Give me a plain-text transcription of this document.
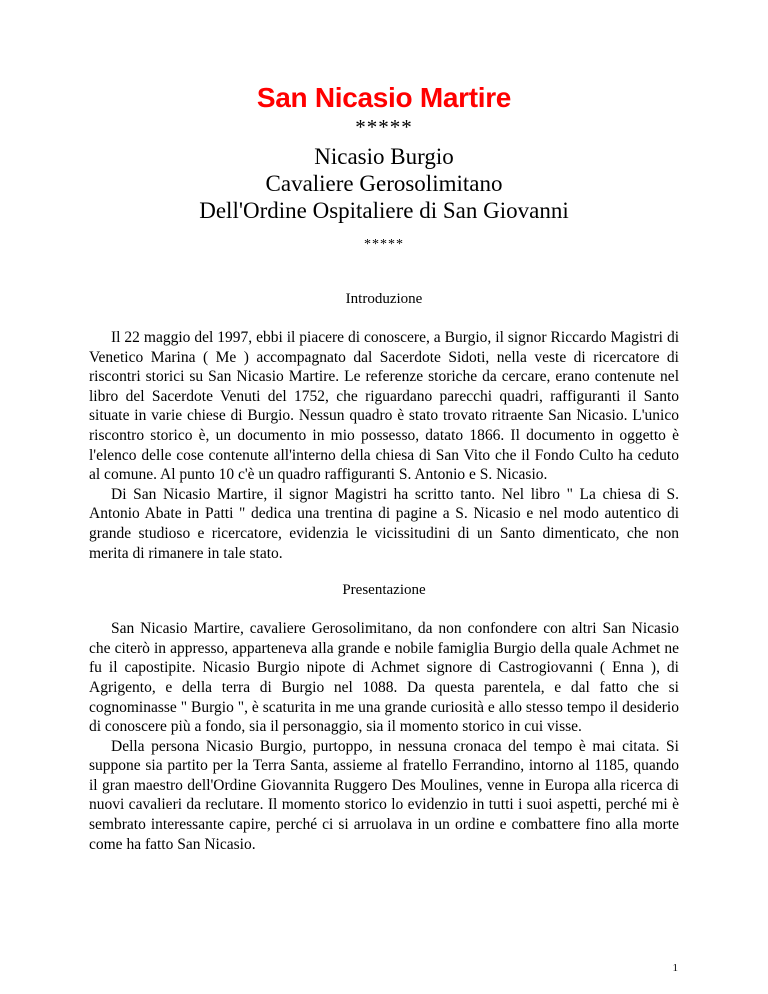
San Nicasio Martire
*****
Nicasio Burgio
Cavaliere Gerosolimitano
Dell'Ordine Ospitaliere di San Giovanni
*****
Introduzione

Il 22 maggio del 1997, ebbi il piacere di conoscere, a Burgio, il signor Riccardo Magistri di Venetico Marina ( Me ) accompagnato dal Sacerdote Sidoti, nella veste di ricercatore di riscontri storici su San Nicasio Martire. Le referenze storiche da cercare, erano contenute nel libro del Sacerdote Venuti del 1752, che riguardano parecchi quadri, raffiguranti il Santo situate in varie chiese di Burgio. Nessun quadro è stato trovato ritraente San Nicasio. L'unico riscontro storico è, un documento in mio possesso, datato 1866. Il documento in oggetto è l'elenco delle cose contenute all'interno della chiesa di San Vito che il Fondo Culto ha ceduto al comune. Al punto 10 c'è un quadro raffiguranti S. Antonio e S. Nicasio.

Di San Nicasio Martire, il signor Magistri ha scritto tanto. Nel libro " La chiesa di S. Antonio Abate in Patti " dedica una trentina di pagine a S. Nicasio e nel modo autentico di grande studioso e ricercatore, evidenzia le vicissitudini di un Santo dimenticato, che non merita di rimanere in tale stato.

Presentazione

San Nicasio Martire, cavaliere Gerosolimitano, da non confondere con altri San Nicasio che citerò in appresso, apparteneva alla grande e nobile famiglia Burgio della quale Achmet ne fu il capostipite. Nicasio Burgio nipote di Achmet signore di Castrogiovanni ( Enna ), di Agrigento, e della terra di Burgio nel 1088. Da questa parentela, e dal fatto che si cognominasse " Burgio ", è scaturita in me una grande curiosità e allo stesso tempo il desiderio di conoscere più a fondo, sia il personaggio, sia il momento storico in cui visse.

Della persona Nicasio Burgio, purtoppo, in nessuna cronaca del tempo è mai citata. Si suppone sia partito per la Terra Santa, assieme al fratello Ferrandino, intorno al 1185, quando il gran maestro dell'Ordine Giovannita Ruggero Des Moulines, venne in Europa alla ricerca di nuovi cavalieri da reclutare. Il momento storico lo evidenzio in tutti i suoi aspetti, perché mi è sembrato interessante capire, perché ci si arruolava in un ordine e combattere fino alla morte come ha fatto San Nicasio.

1
